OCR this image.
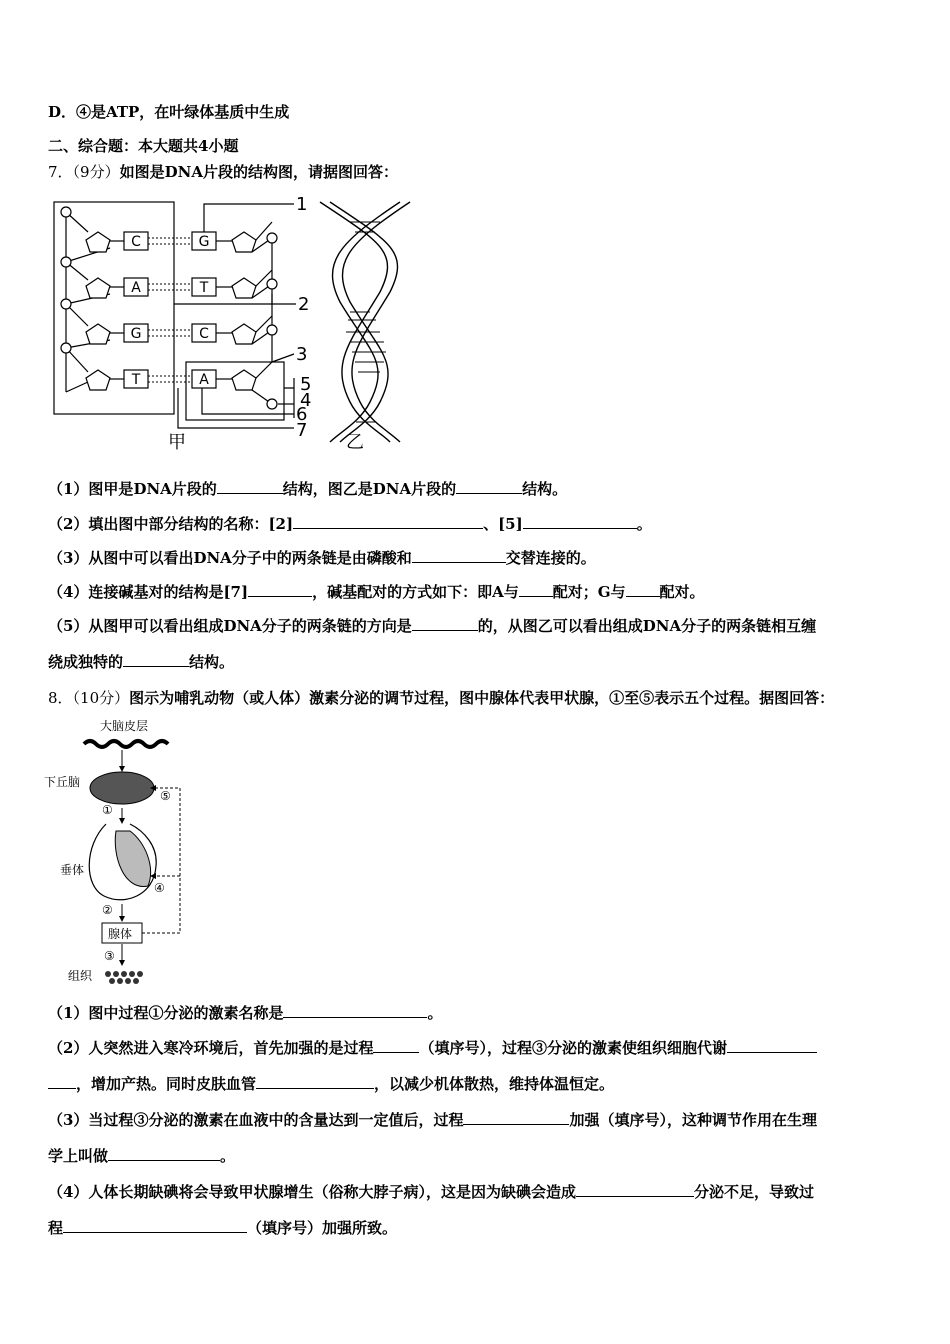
D．④是ATP，在叶绿体基质中生成
二、综合题：本大题共4小题
7．（9分）如图是DNA片段的结构图，请据图回答：
C
A
G
T
G
T
C
A
1
2
3
5
4
6
7
甲	乙
（1）图甲是DNA片段的	结构，图乙是DNA片段的	结构。
（2）填出图中部分结构的名称：[2]	、[5]	。
（3）从图中可以看出DNA分子中的两条链是由磷酸和	交替连接的。
（4）连接碱基对的结构是[7]	，碱基配对的方式如下：即A与 配对；G与 配对。
（5）从图甲可以看出组成DNA分子的两条链的方向是	的，从图乙可以看出组成DNA分子的两条链相互缠
绕成独特的	结构。
8．（10分）图示为哺乳动物（或人体）激素分泌的调节过程，图中腺体代表甲状腺，①至⑤表示五个过程。据图回答：
大脑皮层
下丘脑
⑤
①
垂体
④
②
腺体
③
组织
（1）图中过程①分泌的激素名称是	。
（2）人突然进入寒冷环境后，首先加强的是过程	（填序号），过程③分泌的激素使组织细胞代谢
，增加产热。同时皮肤血管	，以减少机体散热，维持体温恒定。
（3）当过程③分泌的激素在血液中的含量达到一定值后，过程	加强（填序号），这种调节作用在生理
学上叫做	。
（4）人体长期缺碘将会导致甲状腺增生（俗称大脖子病），这是因为缺碘会造成	分泌不足，导致过
程	（填序号）加强所致。
